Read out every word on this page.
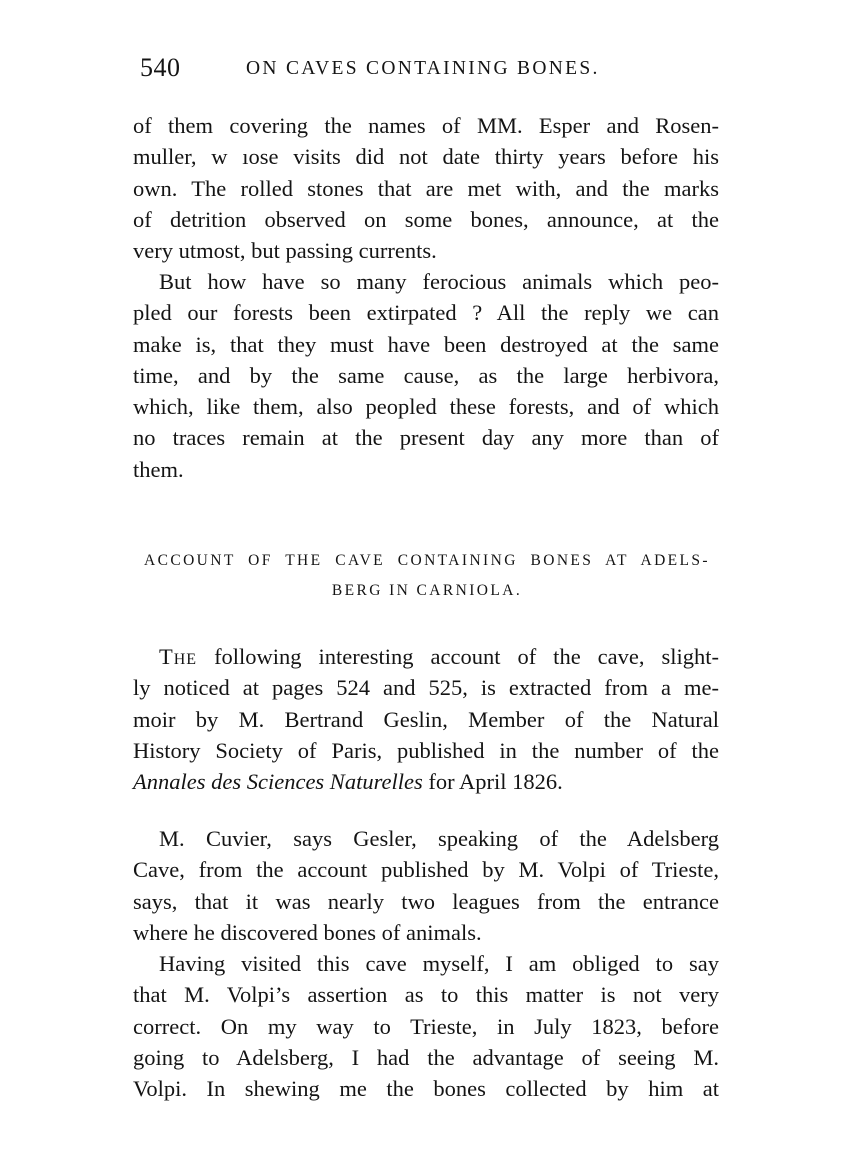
540	ON CAVES CONTAINING BONES.
of them covering the names of MM. Esper and Rosen-
muller, w ıose visits did not date thirty years before his
own. The rolled stones that are met with, and the marks
of detrition observed on some bones, announce, at the
very utmost, but passing currents.
But how have so many ferocious animals which peo-
pled our forests been extirpated ? All the reply we can
make is, that they must have been destroyed at the same
time, and by the same cause, as the large herbivora,
which, like them, also peopled these forests, and of which
no traces remain at the present day any more than of
them.
ACCOUNT OF THE CAVE CONTAINING BONES AT ADELS-
BERG IN CARNIOLA.
The following interesting account of the cave, slight-
ly noticed at pages 524 and 525, is extracted from a me-
moir by M. Bertrand Geslin, Member of the Natural
History Society of Paris, published in the number of the
Annales des Sciences Naturelles for April 1826.
M. Cuvier, says Gesler, speaking of the Adelsberg
Cave, from the account published by M. Volpi of Trieste,
says, that it was nearly two leagues from the entrance
where he discovered bones of animals.
Having visited this cave myself, I am obliged to say
that M. Volpi’s assertion as to this matter is not very
correct. On my way to Trieste, in July 1823, before
going to Adelsberg, I had the advantage of seeing M.
Volpi. In shewing me the bones collected by him at
